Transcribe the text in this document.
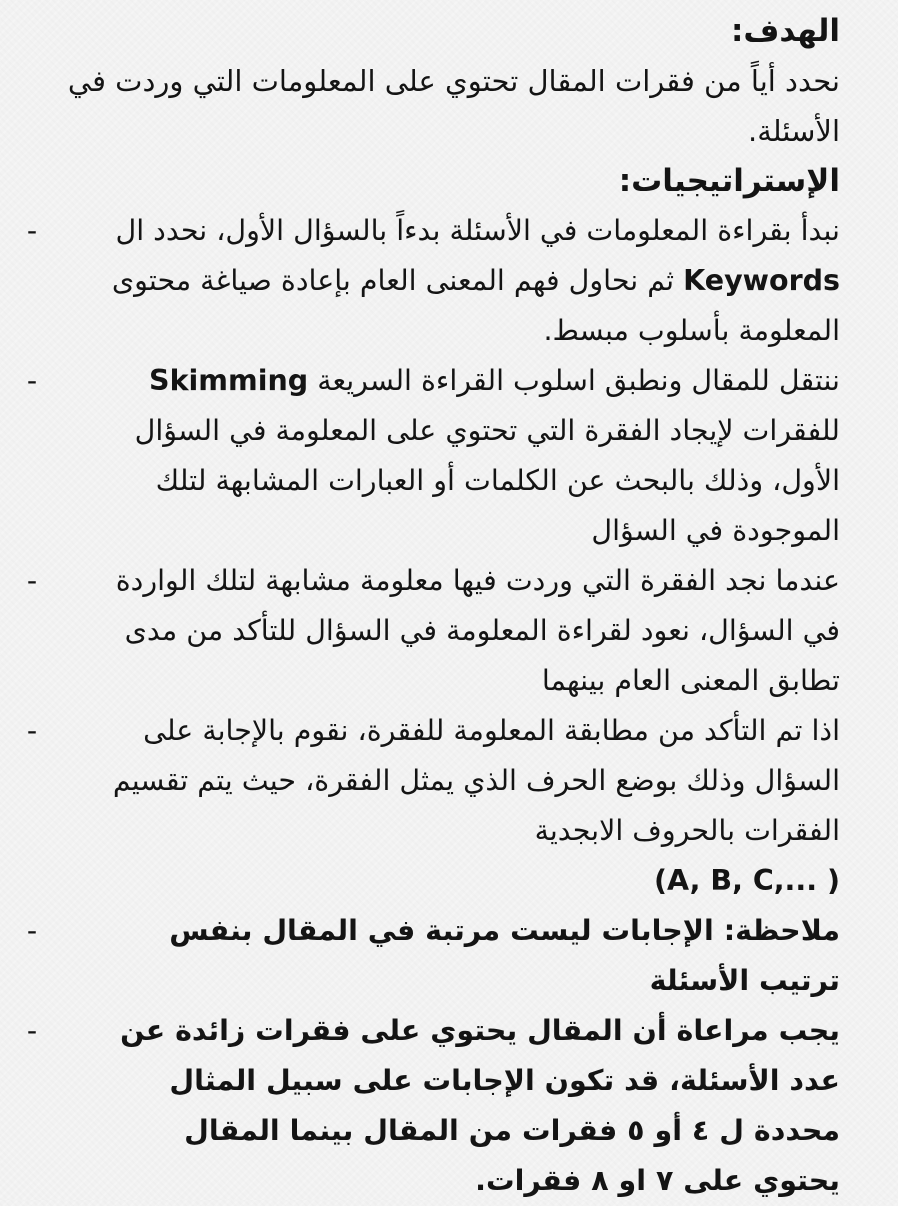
الهدف:

نحدد أياً من فقرات المقال تحتوي على المعلومات التي وردت في الأسئلة.

الإستراتيجيات:
-	نبدأ بقراءة المعلومات في الأسئلة بدءاً بالسؤال الأول، نحدد ال Keywords ثم نحاول فهم المعنى العام بإعادة صياغة محتوى المعلومة بأسلوب مبسط.
-	ننتقل للمقال ونطبق اسلوب القراءة السريعة Skimming للفقرات لإيجاد الفقرة التي تحتوي على المعلومة في السؤال الأول، وذلك بالبحث عن الكلمات أو العبارات المشابهة لتلك الموجودة في السؤال
-	عندما نجد الفقرة التي وردت فيها معلومة مشابهة لتلك الواردة في السؤال، نعود لقراءة المعلومة في السؤال للتأكد من مدى تطابق المعنى العام بينهما
-	اذا تم التأكد من مطابقة المعلومة للفقرة، نقوم بالإجابة على السؤال وذلك بوضع الحرف الذي يمثل الفقرة، حيث يتم تقسيم الفقرات بالحروف الابجدية
(A, B, C,... )
-	ملاحظة: الإجابات ليست مرتبة في المقال بنفس ترتيب الأسئلة
-	يجب مراعاة أن المقال يحتوي على فقرات زائدة عن عدد الأسئلة، قد تكون الإجابات على سبيل المثال محددة ل ٤ أو ٥ فقرات من المقال بينما المقال يحتوي على ٧ او ٨ فقرات.
